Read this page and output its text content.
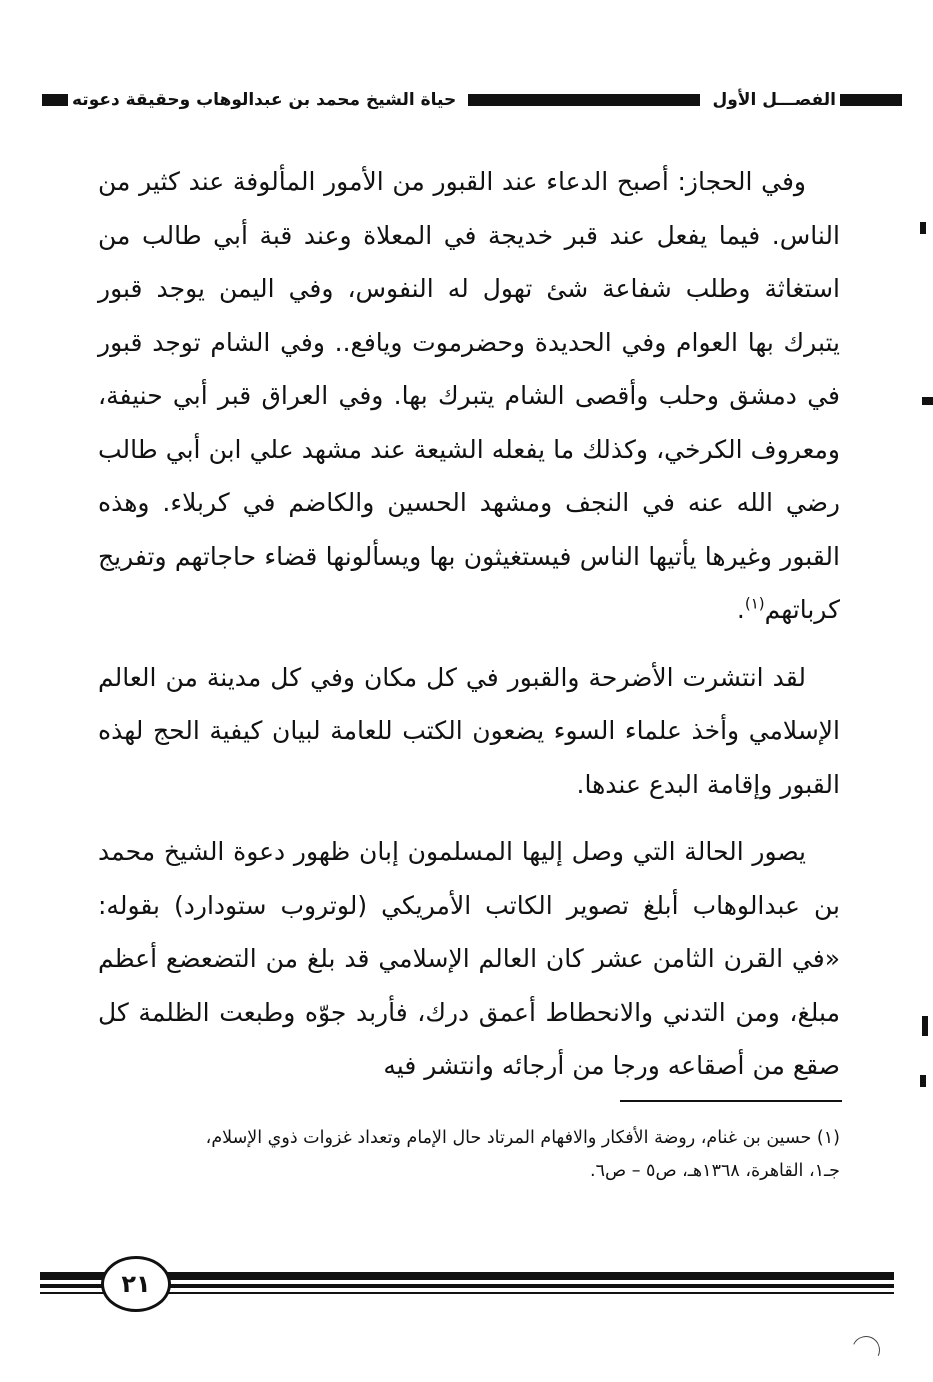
حياة الشيخ محمد بن عبدالوهاب وحقيقة دعوته	الفصـــل الأول

وفي الحجاز: أصبح الدعاء عند القبور من الأمور المألوفة عند كثير من الناس. فيما يفعل عند قبر خديجة في المعلاة وعند قبة أبي طالب من استغاثة وطلب شفاعة شئ تهول له النفوس، وفي اليمن يوجد قبور يتبرك بها العوام وفي الحديدة وحضرموت ويافع.. وفي الشام توجد قبور في دمشق وحلب وأقصى الشام يتبرك بها. وفي العراق قبر أبي حنيفة، ومعروف الكرخي، وكذلك ما يفعله الشيعة عند مشهد علي ابن أبي طالب رضي الله عنه في النجف ومشهد الحسين والكاضم في كربلاء. وهذه القبور وغيرها يأتيها الناس فيستغيثون بها ويسألونها قضاء حاجاتهم وتفريج كرباتهم$^{(١)}$.

لقد انتشرت الأضرحة والقبور في كل مكان وفي كل مدينة من العالم الإسلامي وأخذ علماء السوء يضعون الكتب للعامة لبيان كيفية الحج لهذه القبور وإقامة البدع عندها.

يصور الحالة التي وصل إليها المسلمون إبان ظهور دعوة الشيخ محمد بن عبدالوهاب أبلغ تصوير الكاتب الأمريكي (لوتروب ستودارد) بقوله: «في القرن الثامن عشر كان العالم الإسلامي قد بلغ من التضعضع أعظم مبلغ، ومن التدني والانحطاط أعمق درك، فأربد جوّه وطبعت الظلمة كل صقع من أصقاعه ورجا من أرجائه وانتشر فيه

(١) حسين بن غنام، روضة الأفكار والافهام المرتاد حال الإمام وتعداد غزوات ذوي الإسلام،
جـ١، القاهرة، ١٣٦٨هـ، ص٥ – ص٦.
٢١
